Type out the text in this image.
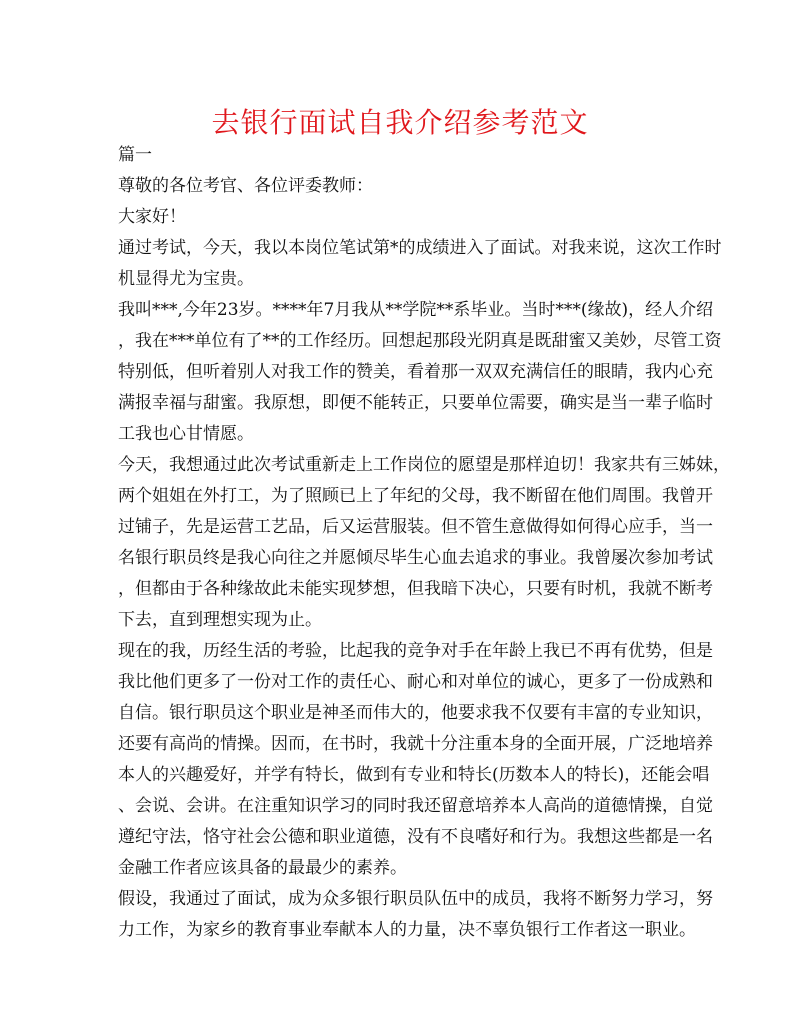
去银行面试自我介绍参考范文
篇一
尊敬的各位考官、各位评委教师：
大家好！
通过考试，今天，我以本岗位笔试第*的成绩进入了面试。对我来说，这次工作时
机显得尤为宝贵。
我叫***,今年23岁。****年7月我从**学院**系毕业。当时***(缘故)，经人介绍
，我在***单位有了**的工作经历。回想起那段光阴真是既甜蜜又美妙，尽管工资
特别低，但听着别人对我工作的赞美，看着那一双双充满信任的眼睛，我内心充
满报幸福与甜蜜。我原想，即便不能转正，只要单位需要，确实是当一辈子临时
工我也心甘情愿。
今天，我想通过此次考试重新走上工作岗位的愿望是那样迫切！我家共有三姊妹，
两个姐姐在外打工，为了照顾已上了年纪的父母，我不断留在他们周围。我曾开
过铺子，先是运营工艺品，后又运营服装。但不管生意做得如何得心应手，当一
名银行职员终是我心向往之并愿倾尽毕生心血去追求的事业。我曾屡次参加考试
，但都由于各种缘故此未能实现梦想，但我暗下决心，只要有时机，我就不断考
下去，直到理想实现为止。
现在的我，历经生活的考验，比起我的竞争对手在年龄上我已不再有优势，但是
我比他们更多了一份对工作的责任心、耐心和对单位的诚心，更多了一份成熟和
自信。银行职员这个职业是神圣而伟大的，他要求我不仅要有丰富的专业知识，
还要有高尚的情操。因而，在书时，我就十分注重本身的全面开展，广泛地培养
本人的兴趣爱好，并学有特长，做到有专业和特长(历数本人的特长)，还能会唱
、会说、会讲。在注重知识学习的同时我还留意培养本人高尚的道德情操，自觉
遵纪守法，恪守社会公德和职业道德，没有不良嗜好和行为。我想这些都是一名
金融工作者应该具备的最最少的素养。
假设，我通过了面试，成为众多银行职员队伍中的成员，我将不断努力学习，努
力工作，为家乡的教育事业奉献本人的力量，决不辜负银行工作者这一职业。
